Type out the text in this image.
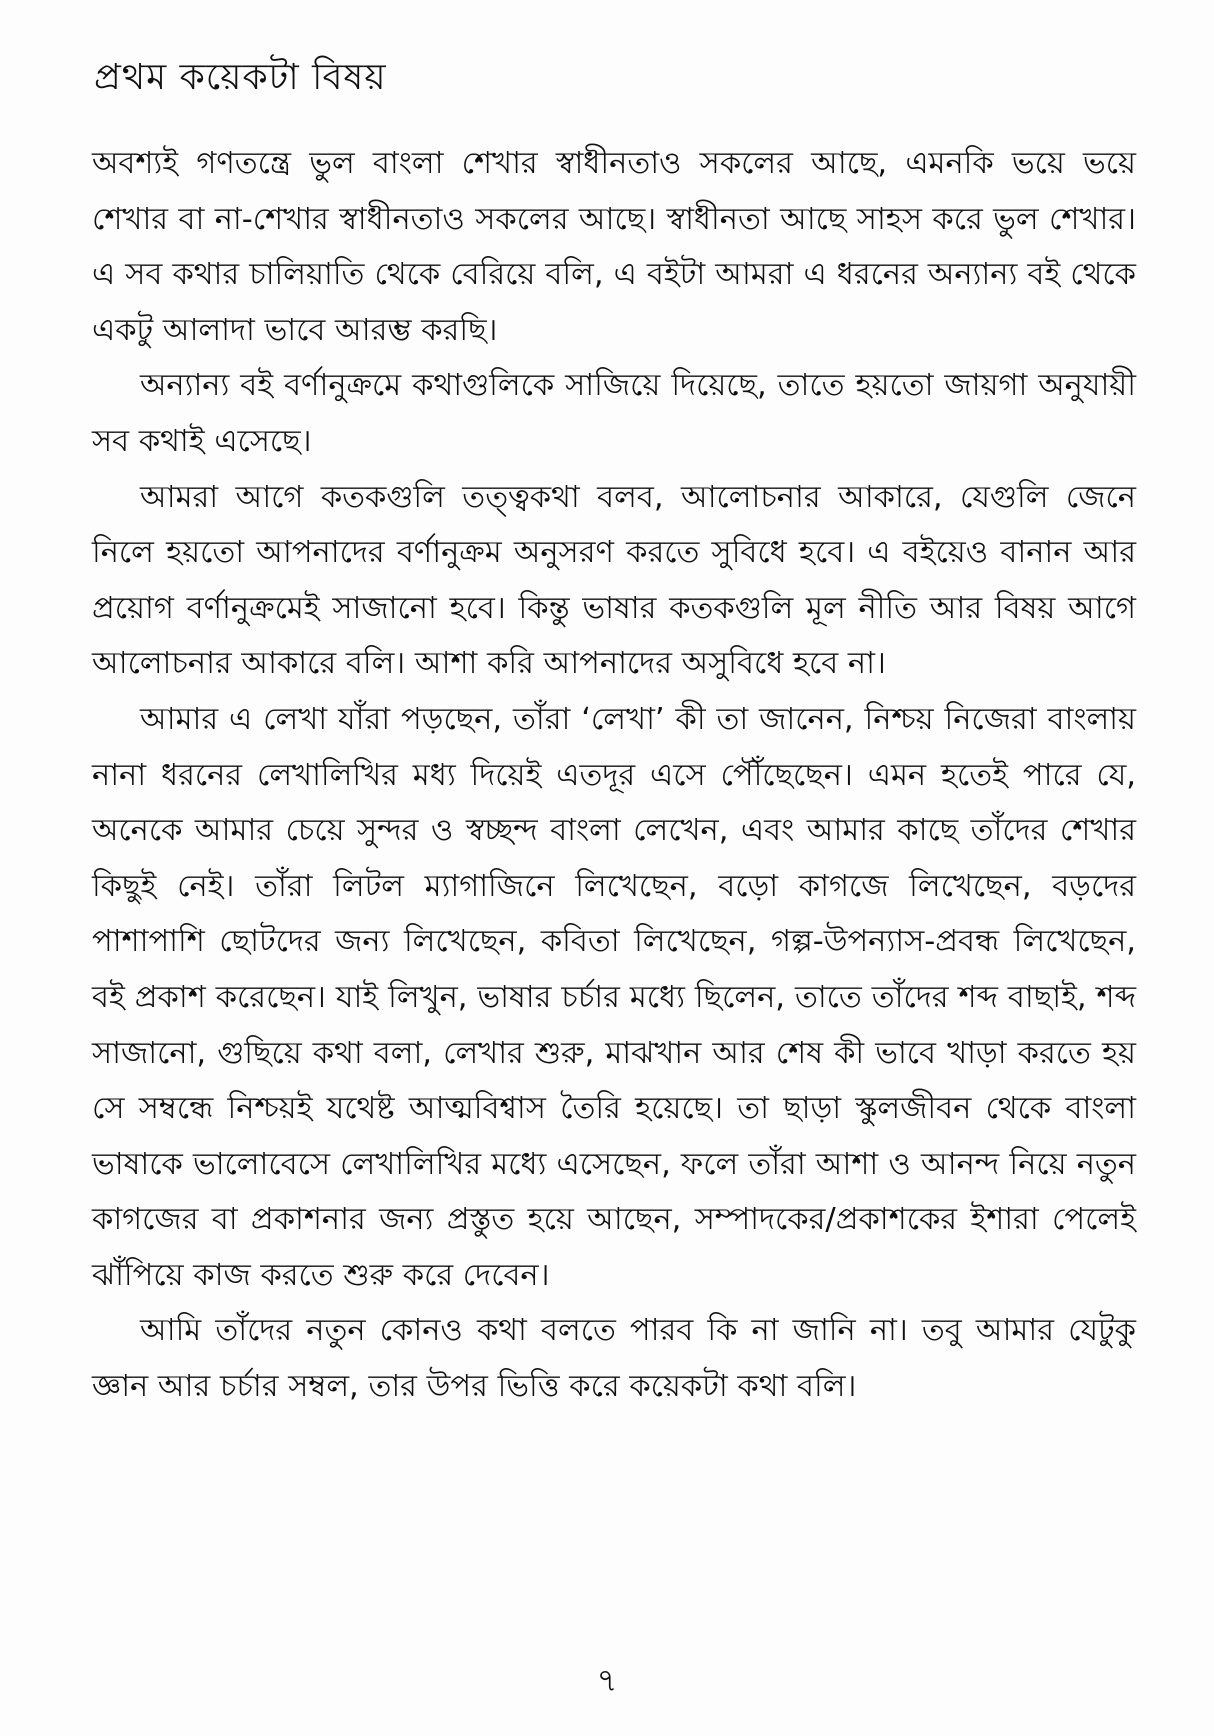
প্রথম কয়েকটা বিষয়

অবশ্যই গণতন্ত্রে ভুল বাংলা শেখার স্বাধীনতাও সকলের আছে, এমনকি ভয়ে ভয়ে শেখার বা না-শেখার স্বাধীনতাও সকলের আছে। স্বাধীনতা আছে সাহস করে ভুল শেখার। এ সব কথার চালিয়াতি থেকে বেরিয়ে বলি, এ বইটা আমরা এ ধরনের অন্যান্য বই থেকে একটু আলাদা ভাবে আরম্ভ করছি।

অন্যান্য বই বর্ণানুক্রমে কথাগুলিকে সাজিয়ে দিয়েছে, তাতে হয়তো জায়গা অনুযায়ী সব কথাই এসেছে।

আমরা আগে কতকগুলি তত্ত্বকথা বলব, আলোচনার আকারে, যেগুলি জেনে নিলে হয়তো আপনাদের বর্ণানুক্রম অনুসরণ করতে সুবিধে হবে। এ বইয়েও বানান আর প্রয়োগ বর্ণানুক্রমেই সাজানো হবে। কিন্তু ভাষার কতকগুলি মূল নীতি আর বিষয় আগে আলোচনার আকারে বলি। আশা করি আপনাদের অসুবিধে হবে না।

আমার এ লেখা যাঁরা পড়ছেন, তাঁরা ‘লেখা’ কী তা জানেন, নিশ্চয় নিজেরা বাংলায় নানা ধরনের লেখালিখির মধ্য দিয়েই এতদূর এসে পৌঁছেছেন। এমন হতেই পারে যে, অনেকে আমার চেয়ে সুন্দর ও স্বচ্ছন্দ বাংলা লেখেন, এবং আমার কাছে তাঁদের শেখার কিছুই নেই। তাঁরা লিটল ম্যাগাজিনে লিখেছেন, বড়ো কাগজে লিখেছেন, বড়দের পাশাপাশি ছোটদের জন্য লিখেছেন, কবিতা লিখেছেন, গল্প-উপন্যাস-প্রবন্ধ লিখেছেন, বই প্রকাশ করেছেন। যাই লিখুন, ভাষার চর্চার মধ্যে ছিলেন, তাতে তাঁদের শব্দ বাছাই, শব্দ সাজানো, গুছিয়ে কথা বলা, লেখার শুরু, মাঝখান আর শেষ কী ভাবে খাড়া করতে হয় সে সম্বন্ধে নিশ্চয়ই যথেষ্ট আত্মবিশ্বাস তৈরি হয়েছে। তা ছাড়া স্কুলজীবন থেকে বাংলা ভাষাকে ভালোবেসে লেখালিখির মধ্যে এসেছেন, ফলে তাঁরা আশা ও আনন্দ নিয়ে নতুন কাগজের বা প্রকাশনার জন্য প্রস্তুত হয়ে আছেন, সম্পাদকের/প্রকাশকের ইশারা পেলেই ঝাঁপিয়ে কাজ করতে শুরু করে দেবেন।

আমি তাঁদের নতুন কোনও কথা বলতে পারব কি না জানি না। তবু আমার যেটুকু জ্ঞান আর চর্চার সম্বল, তার উপর ভিত্তি করে কয়েকটা কথা বলি।

৭
